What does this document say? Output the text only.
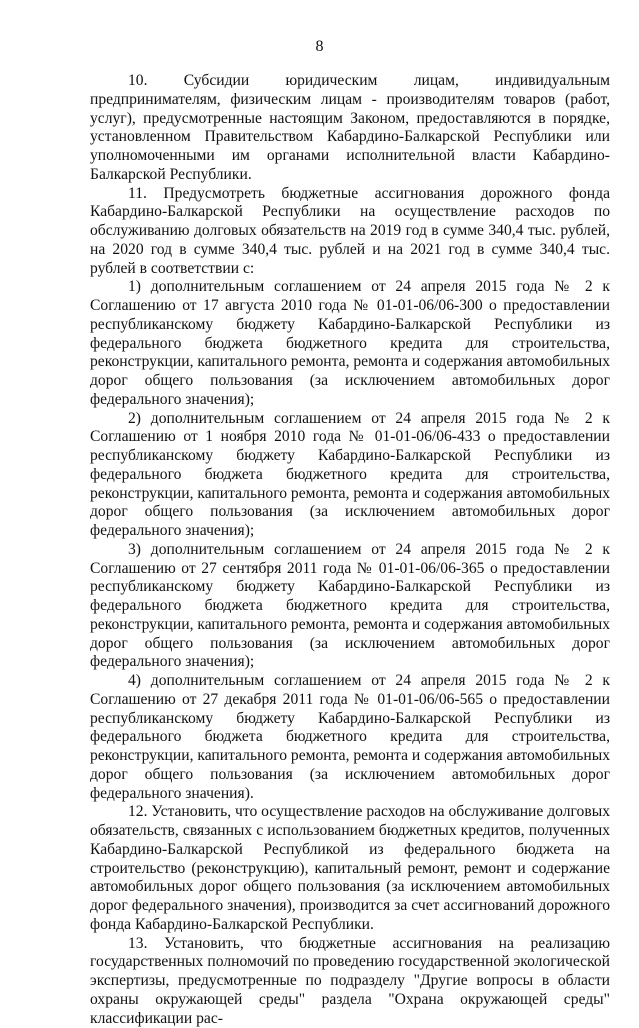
8

10. Субсидии юридическим лицам, индивидуальным предпринимателям, физическим лицам - производителям товаров (работ, услуг), предусмотренные настоящим Законом, предоставляются в порядке, установленном Правительством Кабардино-Балкарской Республики или уполномоченными им органами исполнительной власти Кабардино-Балкарской Республики.

11. Предусмотреть бюджетные ассигнования дорожного фонда Кабардино-Балкарской Республики на осуществление расходов по обслуживанию долговых обязательств на 2019 год в сумме 340,4 тыс. рублей, на 2020 год в сумме 340,4 тыс. рублей и на 2021 год в сумме 340,4 тыс. рублей в соответствии с:

1) дополнительным соглашением от 24 апреля 2015 года № 2 к Соглашению от 17 августа 2010 года № 01-01-06/06-300 о предоставлении республиканскому бюджету Кабардино-Балкарской Республики из федерального бюджета бюджетного кредита для строительства, реконструкции, капитального ремонта, ремонта и содержания автомобильных дорог общего пользования (за исключением автомобильных дорог федерального значения);

2) дополнительным соглашением от 24 апреля 2015 года № 2 к Соглашению от 1 ноября 2010 года № 01-01-06/06-433 о предоставлении республиканскому бюджету Кабардино-Балкарской Республики из федерального бюджета бюджетного кредита для строительства, реконструкции, капитального ремонта, ремонта и содержания автомобильных дорог общего пользования (за исключением автомобильных дорог федерального значения);

3) дополнительным соглашением от 24 апреля 2015 года № 2 к Соглашению от 27 сентября 2011 года № 01-01-06/06-365 о предоставлении республиканскому бюджету Кабардино-Балкарской Республики из федерального бюджета бюджетного кредита для строительства, реконструкции, капитального ремонта, ремонта и содержания автомобильных дорог общего пользования (за исключением автомобильных дорог федерального значения);

4) дополнительным соглашением от 24 апреля 2015 года № 2 к Соглашению от 27 декабря 2011 года № 01-01-06/06-565 о предоставлении республиканскому бюджету Кабардино-Балкарской Республики из федерального бюджета бюджетного кредита для строительства, реконструкции, капитального ремонта, ремонта и содержания автомобильных дорог общего пользования (за исключением автомобильных дорог федерального значения).

12. Установить, что осуществление расходов на обслуживание долговых обязательств, связанных с использованием бюджетных кредитов, полученных Кабардино-Балкарской Республикой из федерального бюджета на строительство (реконструкцию), капитальный ремонт, ремонт и содержание автомобильных дорог общего пользования (за исключением автомобильных дорог федерального значения), производится за счет ассигнований дорожного фонда Кабардино-Балкарской Республики.

13. Установить, что бюджетные ассигнования на реализацию государственных полномочий по проведению государственной экологической экспертизы, предусмотренные по подразделу "Другие вопросы в области охраны окружающей среды" раздела "Охрана окружающей среды" классификации рас-
